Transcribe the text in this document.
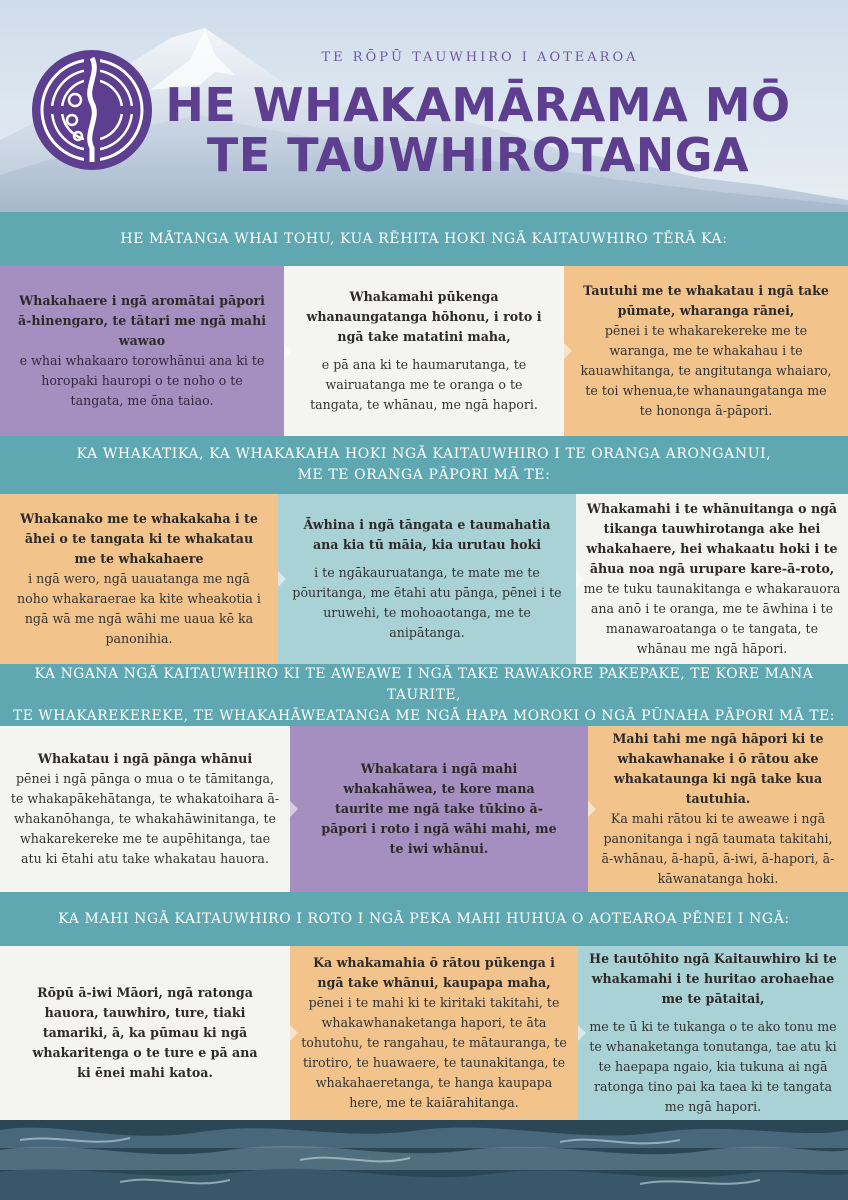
TE RŌPŪ TAUWHIRO I AOTEAROA
HE WHAKAMĀRAMA MŌ
TE TAUWHIROTANGA
HE MĀTANGA WHAI TOHU, KUA RĒHITA HOKI NGĀ KAITAUWHIRO TĒRĀ KA:
Whakahaere i ngā aromātai pāpori ā-hinengaro, te tātari me ngā mahi wawao
e whai whakaaro torowhānui ana ki te horopaki hauropi o te noho o te tangata, me ōna taiao.
Whakamahi pūkenga whanaungatanga hōhonu, i roto i ngā take matatini maha,
e pā ana ki te haumarutanga, te wairuatanga me te oranga o te tangata, te whānau, me ngā hapori.
Tautuhi me te whakatau i ngā take pūmate, wharanga rānei,
pēnei i te whakarekereke me te waranga, me te whakahau i te kauawhitanga, te angitutanga whaiaro, te toi whenua,te whanaungatanga me te honongа ā-pāpori.
KA WHAKATIKA, KA WHAKAKAHA HOKI NGĀ KAITAUWHIRO I TE ORANGA ARONGANUI,
ME TE ORANGA PĀPORI MĀ TE:
Whakanako me te whakakaha i te āhei o te tangata ki te whakatau me te whakahaere
i ngā wero, ngā uauatanga me ngā noho whakaraerae ka kite wheakotia i ngā wā me ngā wāhi me uaua kē ka panonihia.
Āwhina i ngā tāngata e taumahatia ana kia tū māia, kia urutau hoki
i te ngākauruatanga, te mate me te pōuritanga, me ētahi atu pānga, pēnei i te uruwehi, te mohoaotanga, me te anipātanga.
Whakamahi i te whānuitanga o ngā tikanga tauwhirotanga ake hei whakahaere, hei whakaatu hoki i te āhua noa ngā urupare kare-ā-roto,
me te tuku taunakitanga e whakarauora ana anō i te oranga, me te āwhina i te manawaroatanga o te tangata, te whānau me ngā hāpori.
KA NGANA NGĀ KAITAUWHIRO KI TE AWEAWE I NGĀ TAKE RAWAKORE PAKEPAKE, TE KORE MANA TAURITE,
TE WHAKAREKEREKE, TE WHAKAHĀWEATANGA ME NGĀ HAPA MOROKI O NGĀ PŪNAHA PĀPORI MĀ TE:
Whakatau i ngā pānga whānui
pēnei i ngā pānga o mua o te tāmitanga, te whakapākehātanga, te whakatoihara ā-whakanōhanga, te whakahāwinitanga, te whakarekereke me te aupēhitanga, tae atu ki ētahi atu take whakatau hauora.
Whakatara i ngā mahi whakahāwea, te kore mana taurite me ngā take tūkino ā-pāpori i roto i ngā wāhi mahi, me te iwi whānui.
Mahi tahi me ngā hāpori ki te whakawhanake i ō rātou ake whakataunga ki ngā take kua tautuhia.
Ka mahi rātou ki te aweawe i ngā panonitanga i ngā taumata takitahi, ā-whānau, ā-hapū, ā-iwi, ā-hapori, ā-kāwanatanga hoki.
KA MAHI NGĀ KAITAUWHIRO I ROTO I NGĀ PEKA MAHI HUHUA O AOTEAROA PĒNEI I NGĀ:
Rōpū ā-iwi Māori, ngā ratonga hauora, tauwhiro, ture, tiaki tamariki, ā, ka pūmau ki ngā whakaritenga o te ture e pā ana ki ēnei mahi katoa.
Ka whakamahia ō rātou pūkenga i ngā take whānui, kaupapa maha,
pēnei i te mahi ki te kiritaki takitahi, te whakawhanaketanga hapori, te āta tohutohu, te rangahau, te mātauranga, te tirotiro, te huawaere, te taunakitanga, te whakahaeretanga, te hanga kaupapa here, me te kaiārahitanga.
He tautōhito ngā Kaitauwhiro ki te whakamahi i te huritao arohaehae me te pātaitai,
me te ū ki te tukanga o te ako tonu me te whanaketanga tonutanga, tae atu ki te haepapa ngaio, kia tukuna ai ngā ratonga tino pai ka taea ki te tangata me ngā hapori.
